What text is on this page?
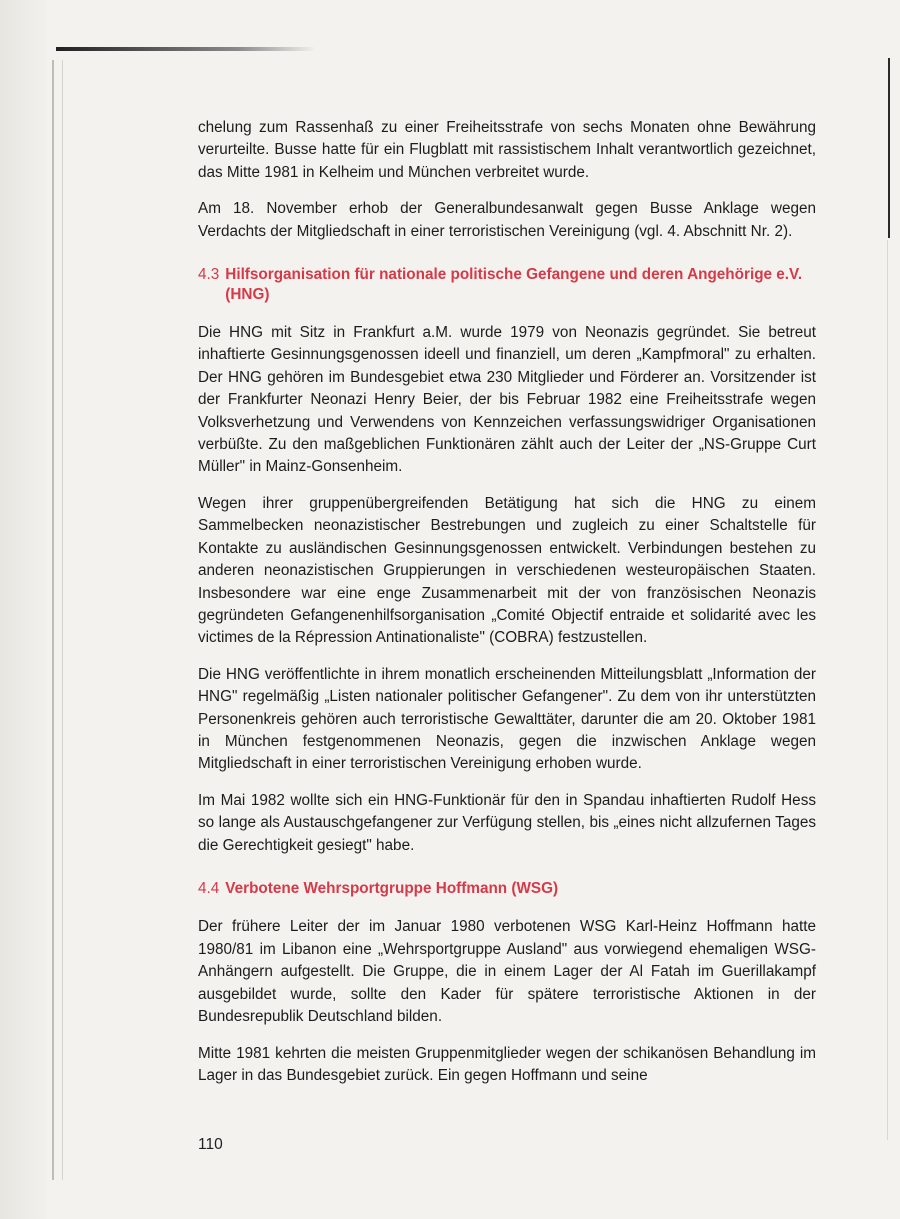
chelung zum Rassenhaß zu einer Freiheitsstrafe von sechs Monaten ohne Bewährung verurteilte. Busse hatte für ein Flugblatt mit rassistischem Inhalt verantwortlich gezeichnet, das Mitte 1981 in Kelheim und München verbreitet wurde.

Am 18. November erhob der Generalbundesanwalt gegen Busse Anklage wegen Verdachts der Mitgliedschaft in einer terroristischen Vereinigung (vgl. 4. Abschnitt Nr. 2).

4.3 Hilfsorganisation für nationale politische Gefangene und deren Angehörige e.V. (HNG)

Die HNG mit Sitz in Frankfurt a.M. wurde 1979 von Neonazis gegründet. Sie betreut inhaftierte Gesinnungsgenossen ideell und finanziell, um deren „Kampfmoral" zu erhalten. Der HNG gehören im Bundesgebiet etwa 230 Mitglieder und Förderer an. Vorsitzender ist der Frankfurter Neonazi Henry Beier, der bis Februar 1982 eine Freiheitsstrafe wegen Volksverhetzung und Verwendens von Kennzeichen verfassungswidriger Organisationen verbüßte. Zu den maßgeblichen Funktionären zählt auch der Leiter der „NS-Gruppe Curt Müller" in Mainz-Gonsenheim.

Wegen ihrer gruppenübergreifenden Betätigung hat sich die HNG zu einem Sammelbecken neonazistischer Bestrebungen und zugleich zu einer Schaltstelle für Kontakte zu ausländischen Gesinnungsgenossen entwickelt. Verbindungen bestehen zu anderen neonazistischen Gruppierungen in verschiedenen westeuropäischen Staaten. Insbesondere war eine enge Zusammenarbeit mit der von französischen Neonazis gegründeten Gefangenenhilfsorganisation „Comité Objectif entraide et solidarité avec les victimes de la Répression Antinationaliste" (COBRA) festzustellen.

Die HNG veröffentlichte in ihrem monatlich erscheinenden Mitteilungsblatt „Information der HNG" regelmäßig „Listen nationaler politischer Gefangener". Zu dem von ihr unterstützten Personenkreis gehören auch terroristische Gewalttäter, darunter die am 20. Oktober 1981 in München festgenommenen Neonazis, gegen die inzwischen Anklage wegen Mitgliedschaft in einer terroristischen Vereinigung erhoben wurde.

Im Mai 1982 wollte sich ein HNG-Funktionär für den in Spandau inhaftierten Rudolf Hess so lange als Austauschgefangener zur Verfügung stellen, bis „eines nicht allzufernen Tages die Gerechtigkeit gesiegt" habe.

4.4 Verbotene Wehrsportgruppe Hoffmann (WSG)

Der frühere Leiter der im Januar 1980 verbotenen WSG Karl-Heinz Hoffmann hatte 1980/81 im Libanon eine „Wehrsportgruppe Ausland" aus vorwiegend ehemaligen WSG-Anhängern aufgestellt. Die Gruppe, die in einem Lager der Al Fatah im Guerillakampf ausgebildet wurde, sollte den Kader für spätere terroristische Aktionen in der Bundesrepublik Deutschland bilden.

Mitte 1981 kehrten die meisten Gruppenmitglieder wegen der schikanösen Behandlung im Lager in das Bundesgebiet zurück. Ein gegen Hoffmann und seine

110
